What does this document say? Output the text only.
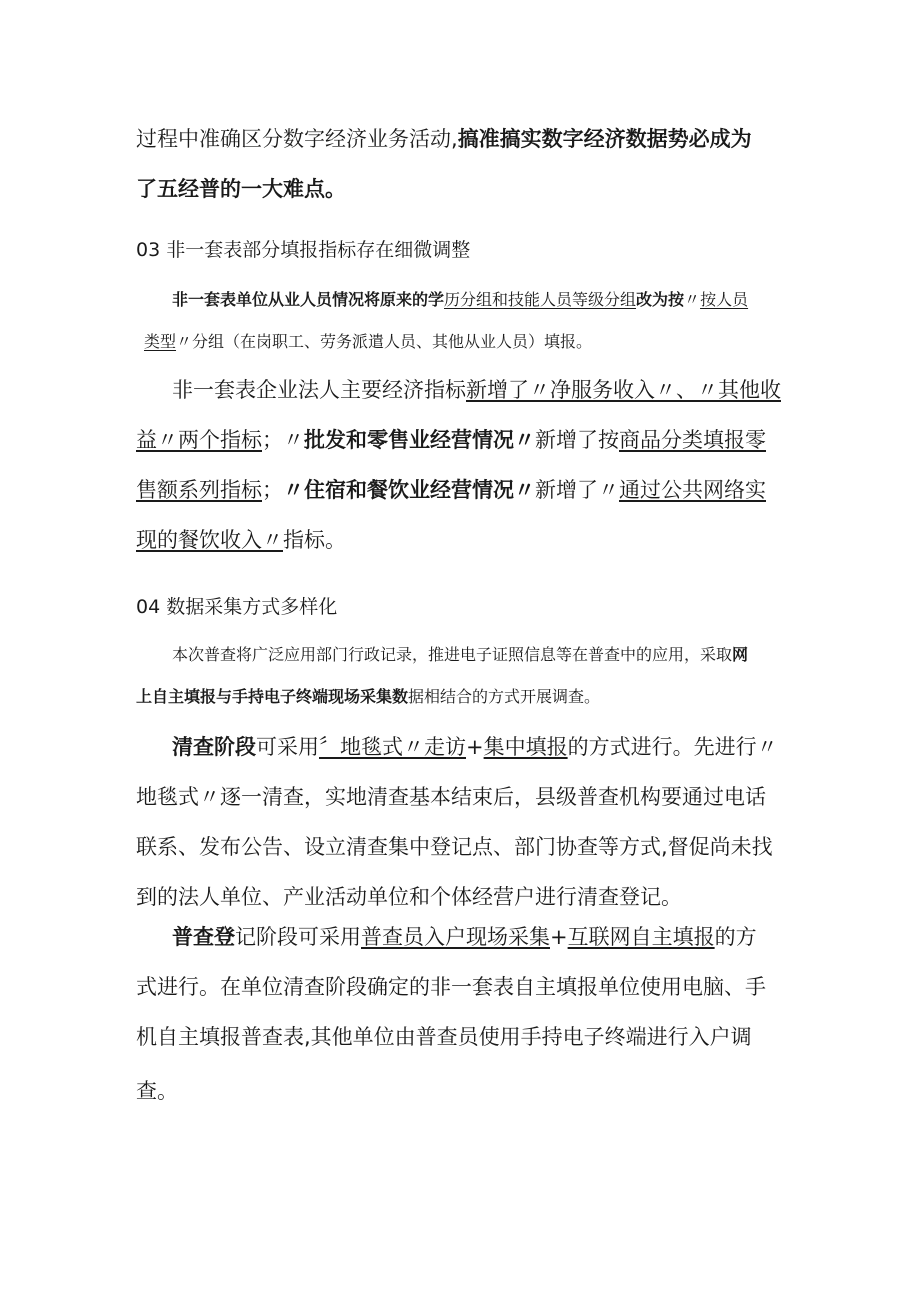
过程中准确区分数字经济业务活动,搞准搞实数字经济数据势必成为
了五经普的一大难点。

03 非一套表部分填报指标存在细微调整

非一套表单位从业人员情况将原来的学历分组和技能人员等级分组改为按〃按人员
类型〃分组（在岗职工、劳务派遣人员、其他从业人员）填报。

非一套表企业法人主要经济指标新增了〃净服务收入〃、〃其他收
益〃两个指标；〃批发和零售业经营情况〃新增了按商品分类填报零
售额系列指标；〃住宿和餐饮业经营情况〃新增了〃通过公共网络实
现的餐饮收入〃指标。

04 数据采集方式多样化

本次普查将广泛应用部门行政记录，推进电子证照信息等在普查中的应用，采取网
上自主填报与手持电子终端现场采集数据相结合的方式开展调查。

清查阶段可采用〞地毯式〃走访+集中填报的方式进行。先进行〃
地毯式〃逐一清查，实地清查基本结束后，县级普查机构要通过电话
联系、发布公告、设立清查集中登记点、部门协查等方式,督促尚未找
到的法人单位、产业活动单位和个体经营户进行清查登记。

普查登记阶段可采用普查员入户现场采集+互联网自主填报的方
式进行。在单位清查阶段确定的非一套表自主填报单位使用电脑、手
机自主填报普查表,其他单位由普查员使用手持电子终端进行入户调

查。
